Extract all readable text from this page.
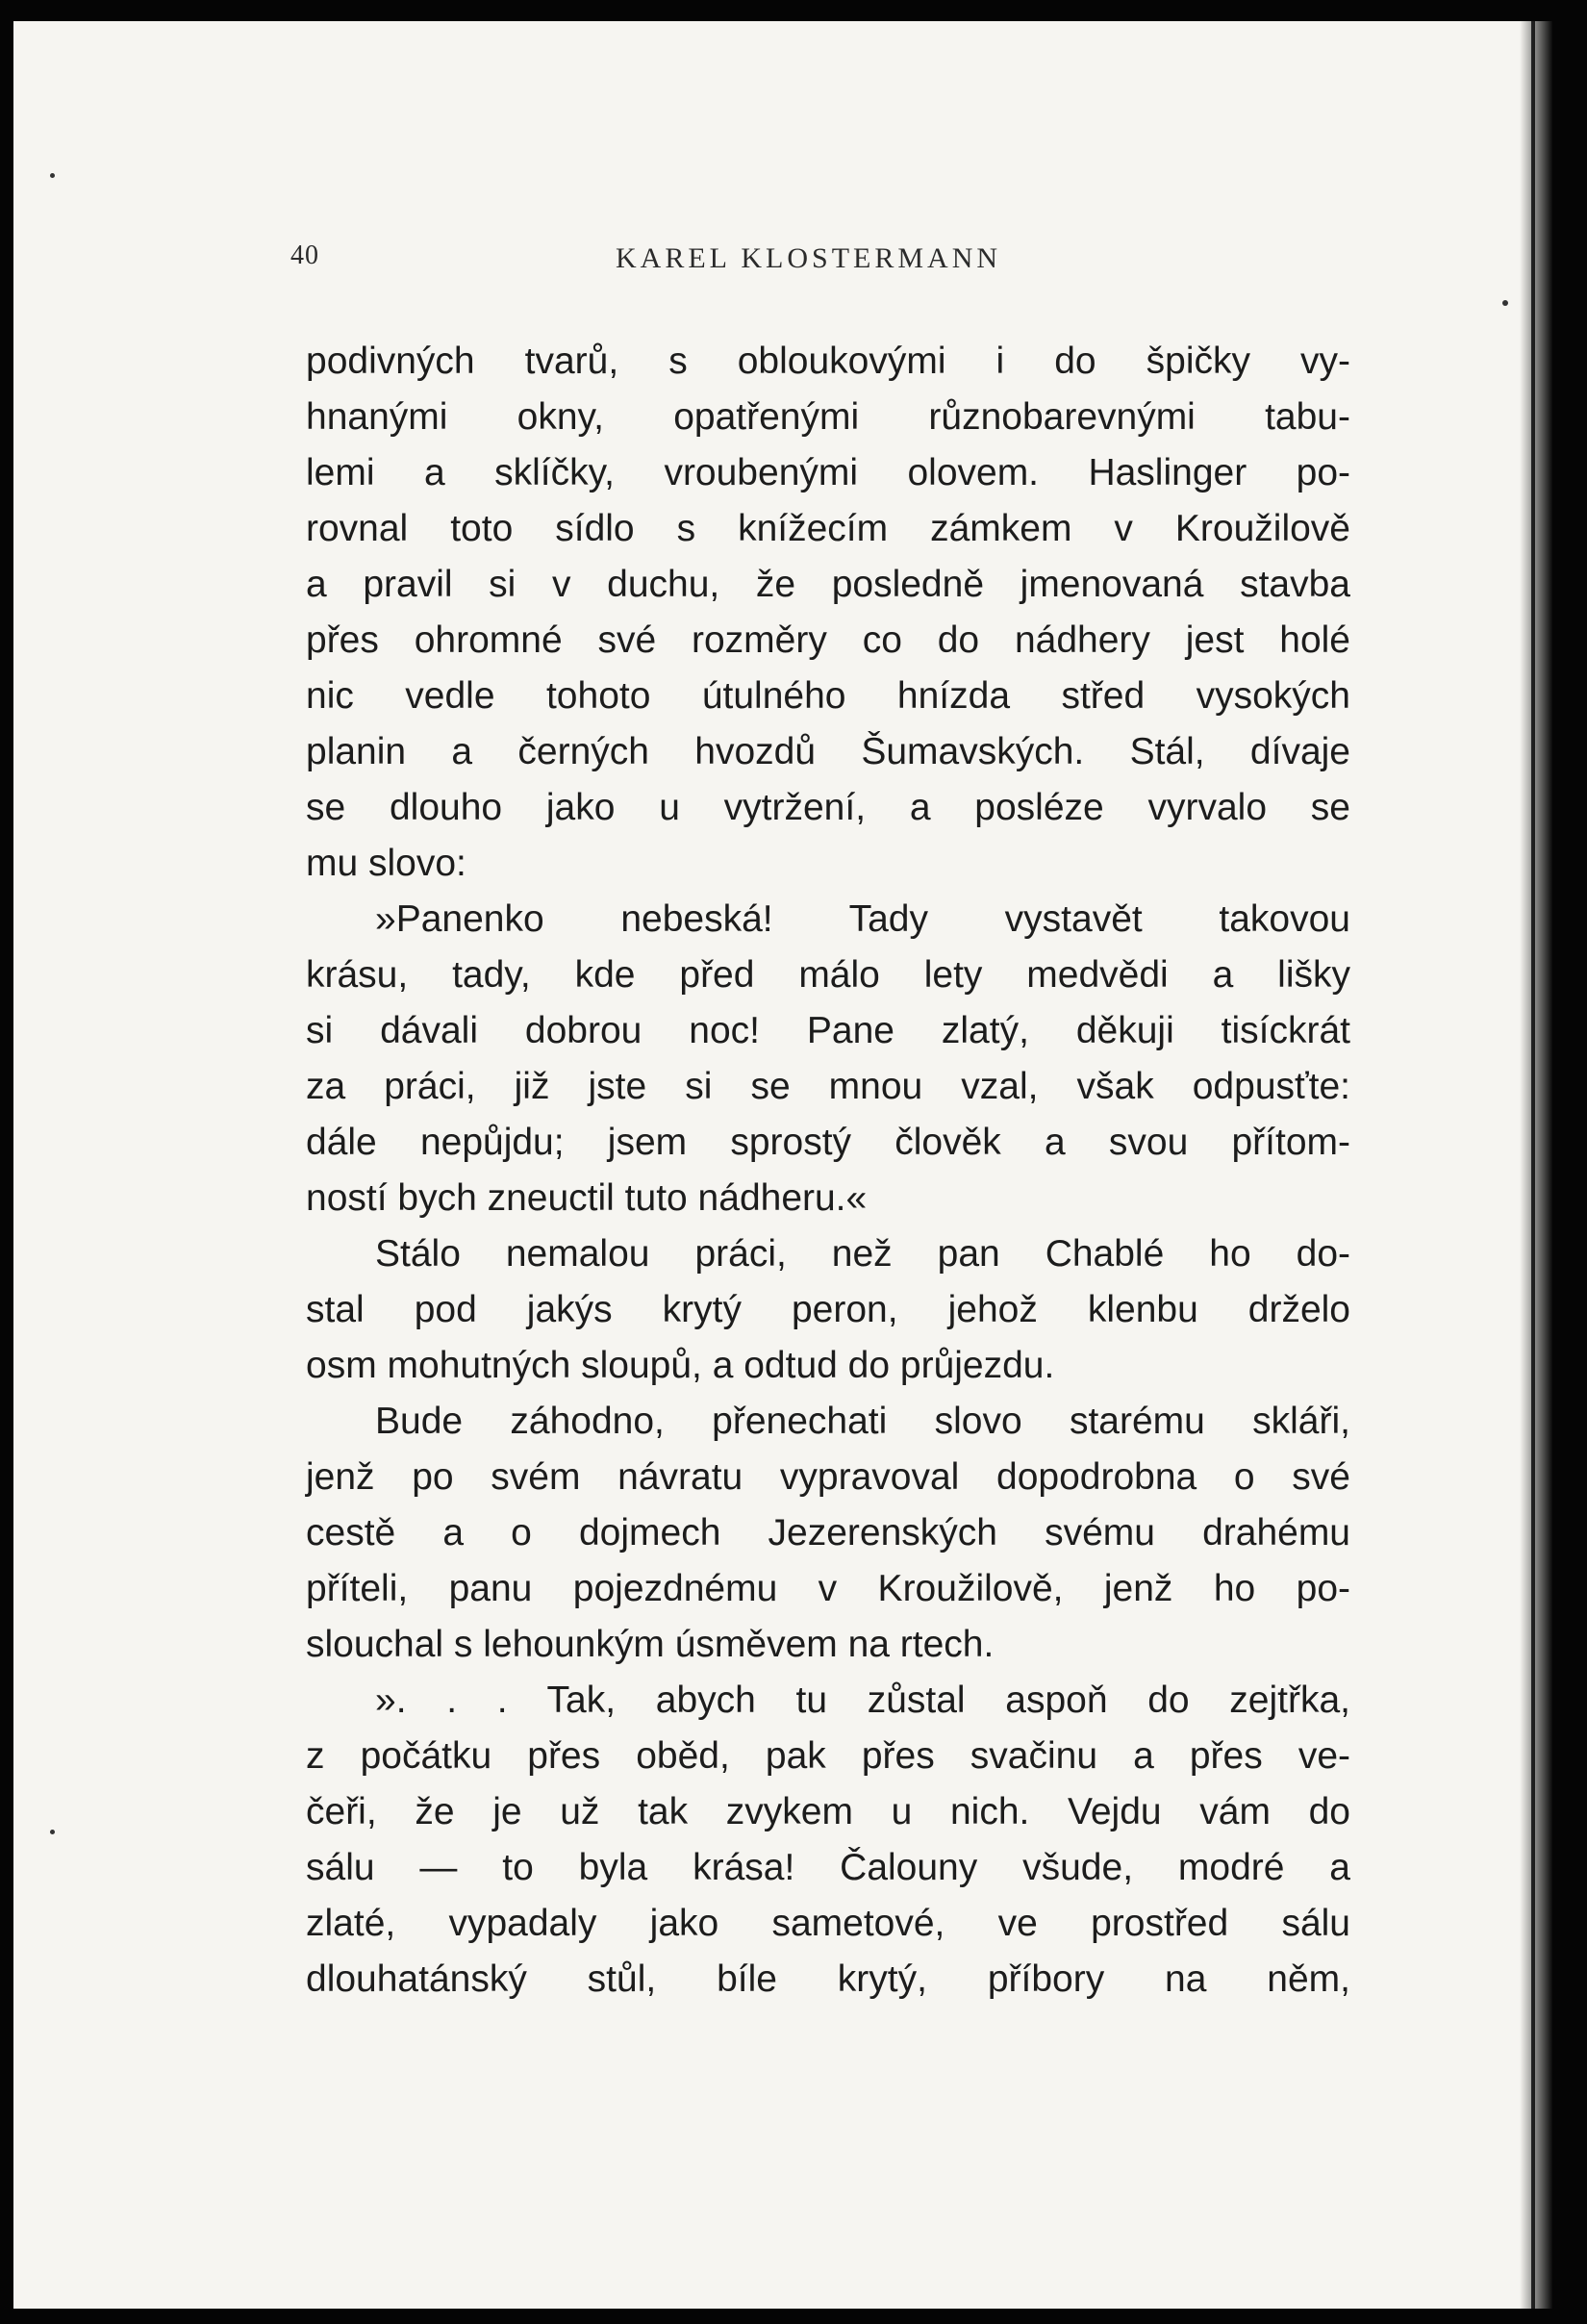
40	KAREL KLOSTERMANN
podivných tvarů, s obloukovými i do špičky vy-
hnanými okny, opatřenými různobarevnými tabu-
lemi a sklíčky, vroubenými olovem. Haslinger po-
rovnal toto sídlo s knížecím zámkem v Kroužilově
a pravil si v duchu, že posledně jmenovaná stavba
přes ohromné své rozměry co do nádhery jest holé
nic vedle tohoto útulného hnízda střed vysokých
planin a černých hvozdů Šumavských. Stál, dívaje
se dlouho jako u vytržení, a posléze vyrvalo se
mu slovo:
»Panenko nebeská! Tady vystavět takovou
krásu, tady, kde před málo lety medvědi a lišky
si dávali dobrou noc! Pane zlatý, děkuji tisíckrát
za práci, již jste si se mnou vzal, však odpusťte:
dále nepůjdu; jsem sprostý člověk a svou přítom-
ností bych zneuctil tuto nádheru.«
Stálo nemalou práci, než pan Chablé ho do-
stal pod jakýs krytý peron, jehož klenbu drželo
osm mohutných sloupů, a odtud do průjezdu.
Bude záhodno, přenechati slovo starému skláři,
jenž po svém návratu vypravoval dopodrobna o své
cestě a o dojmech Jezerenských svému drahému
příteli, panu pojezdnému v Kroužilově, jenž ho po-
slouchal s lehounkým úsměvem na rtech.
». . . Tak, abych tu zůstal aspoň do zejtřka,
z počátku přes oběd, pak přes svačinu a přes ve-
čeři, že je už tak zvykem u nich. Vejdu vám do
sálu — to byla krása! Čalouny všude, modré a
zlaté, vypadaly jako sametové, ve prostřed sálu
dlouhatánský stůl, bíle krytý, příbory na něm,
